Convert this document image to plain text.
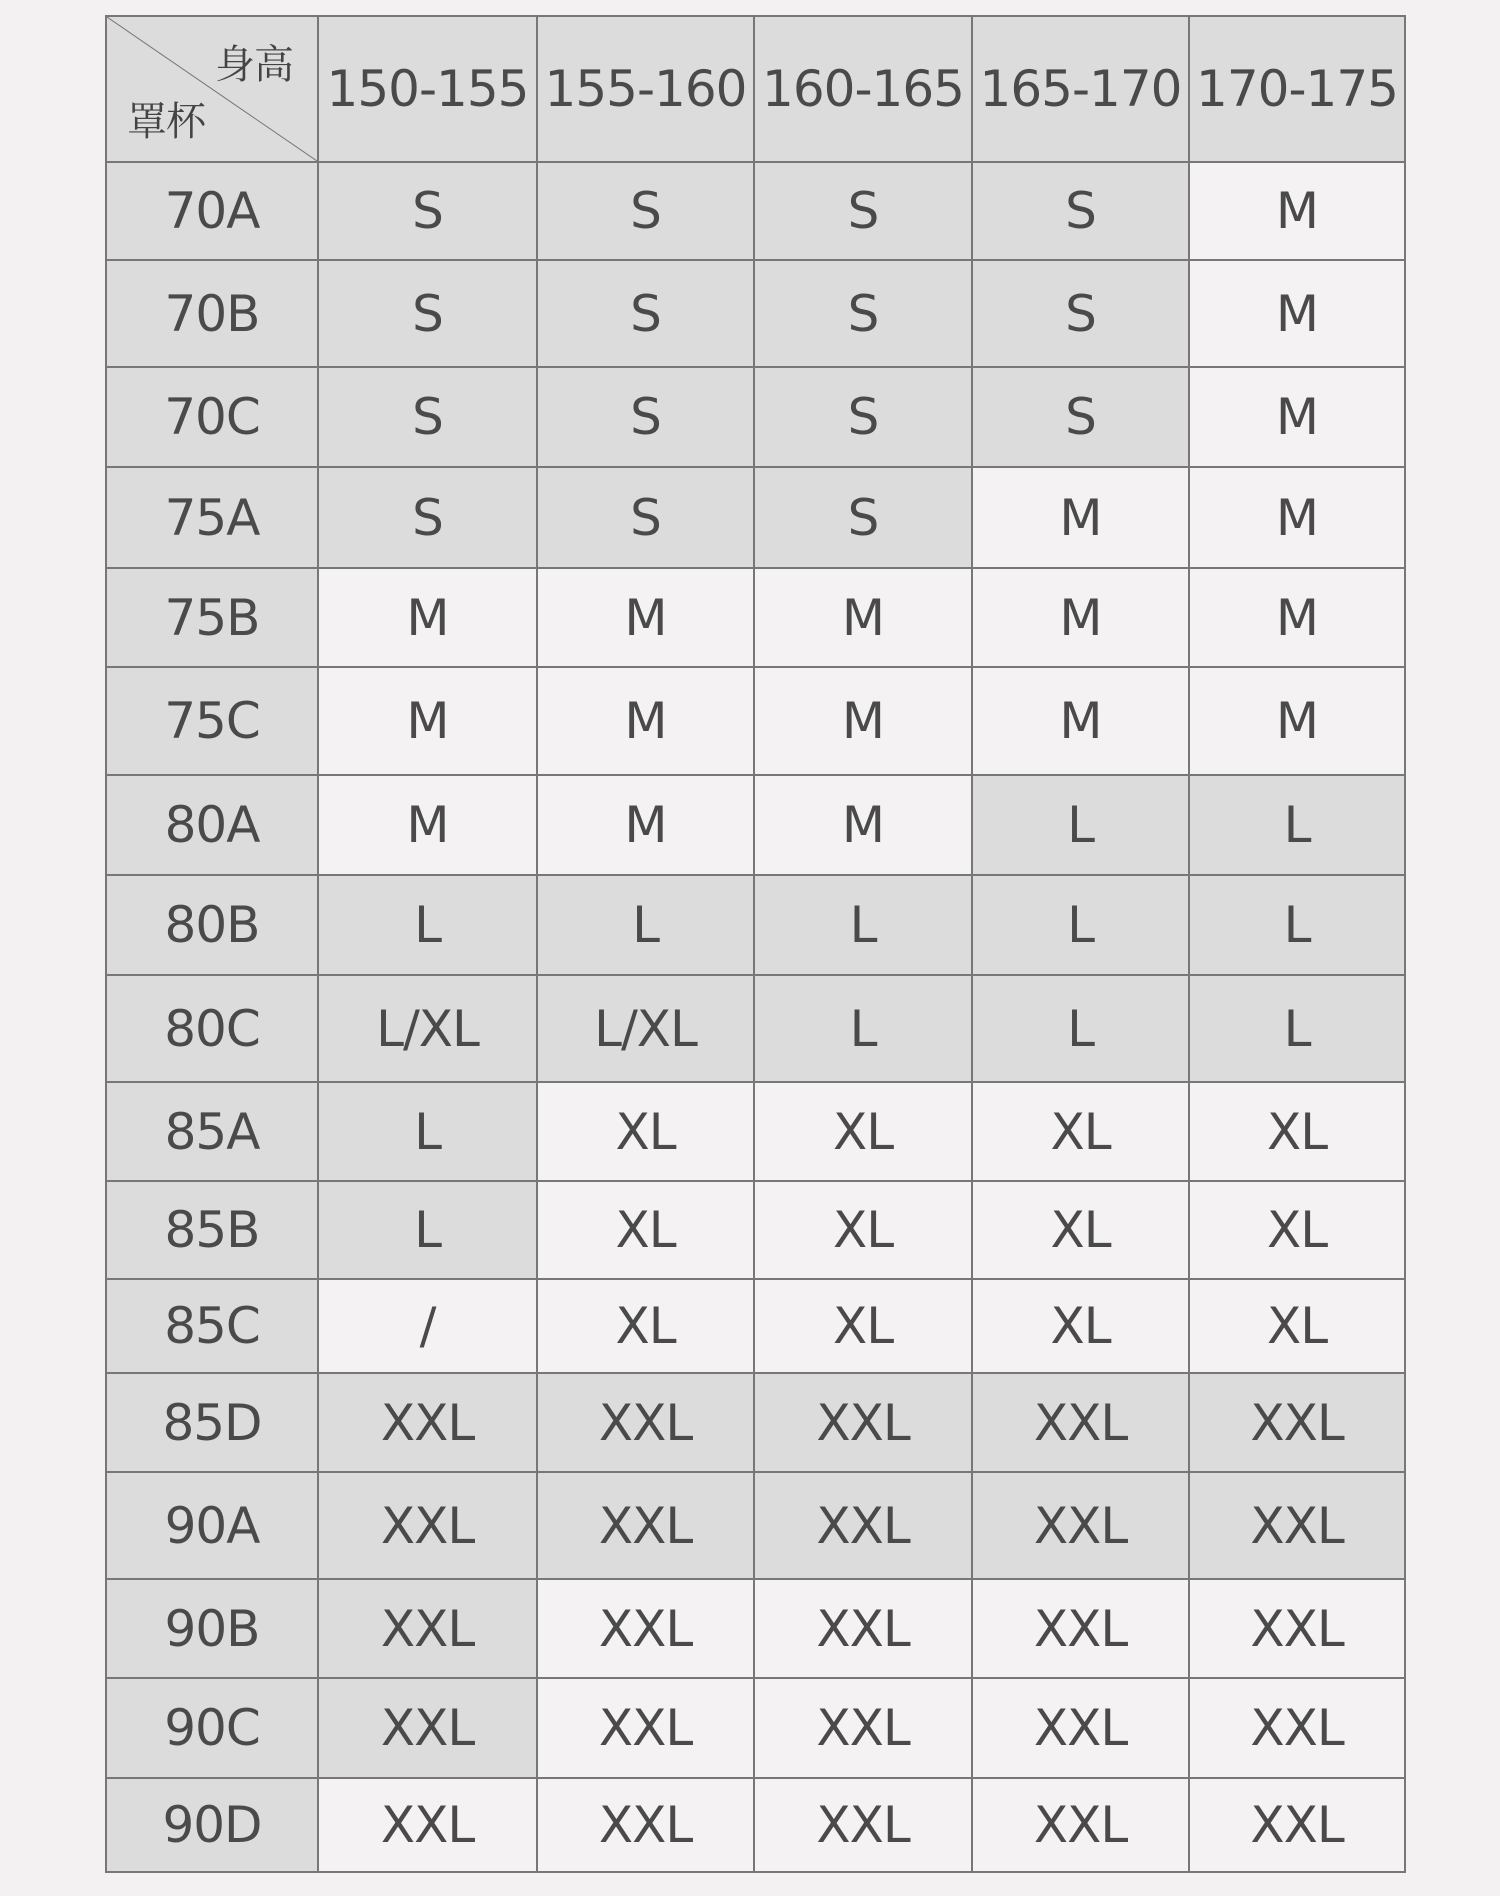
身高
罩杯	150-155	155-160	160-165	165-170	170-175
70A	S	S	S	S	M
70B	S	S	S	S	M
70C	S	S	S	S	M
75A	S	S	S	M	M
75B	M	M	M	M	M
75C	M	M	M	M	M
80A	M	M	M	L	L
80B	L	L	L	L	L
80C	L/XL	L/XL	L	L	L
85A	L	XL	XL	XL	XL
85B	L	XL	XL	XL	XL
85C	/	XL	XL	XL	XL
85D	XXL	XXL	XXL	XXL	XXL
90A	XXL	XXL	XXL	XXL	XXL
90B	XXL	XXL	XXL	XXL	XXL
90C	XXL	XXL	XXL	XXL	XXL
90D	XXL	XXL	XXL	XXL	XXL
